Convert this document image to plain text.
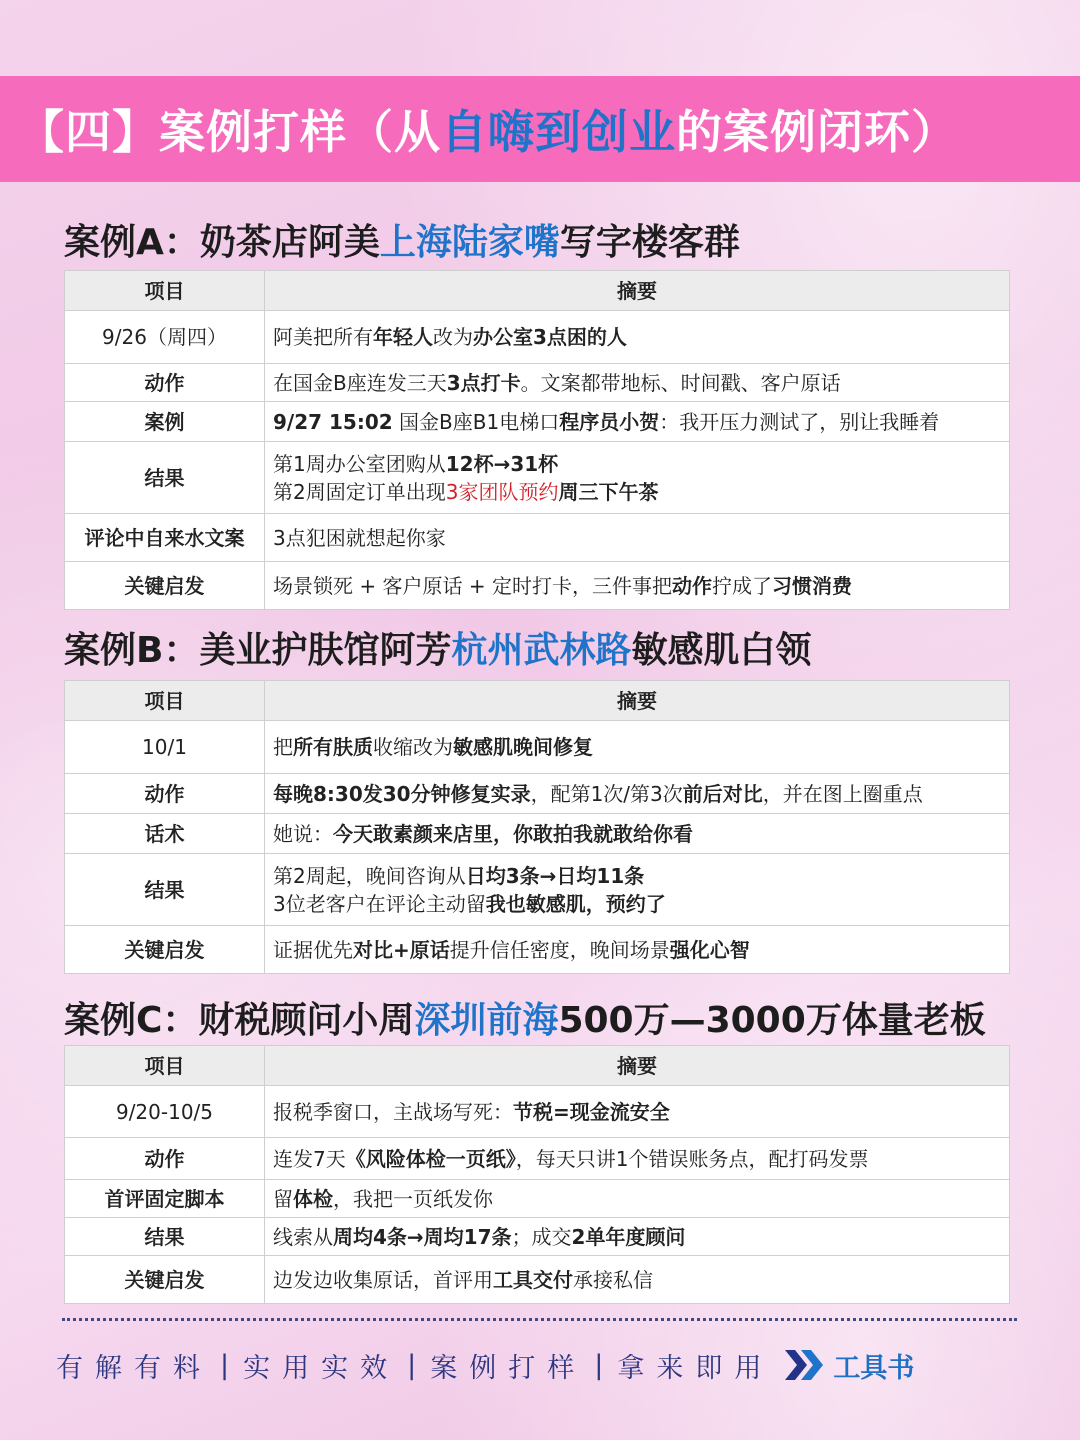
【四】案例打样（从 自嗨到创业 的案例闭环）
案例A：奶茶店阿美上海陆家嘴写字楼客群
项目	摘要
9/26（周四）	阿美把所有年轻人改为办公室3点困的人
动作	在国金B座连发三天3点打卡。文案都带地标、时间戳、客户原话
案例	9/27 15:02 国金B座B1电梯口程序员小贺：我开压力测试了，别让我睡着
结果	第1周办公室团购从12杯→31杯
第2周固定订单出现3家团队预约周三下午茶

评论中自来水文案	3点犯困就想起你家
关键启发	场景锁死 + 客户原话 + 定时打卡，三件事把动作拧成了习惯消费
案例B：美业护肤馆阿芳杭州武林路敏感肌白领
项目	摘要
10/1	把所有肤质收缩改为敏感肌晚间修复
动作	每晚8:30发30分钟修复实录，配第1次/第3次前后对比，并在图上圈重点
话术	她说：今天敢素颜来店里，你敢拍我就敢给你看
结果	第2周起，晚间咨询从日均3条→日均11条
3位老客户在评论主动留我也敏感肌，预约了

关键启发	证据优先对比+原话提升信任密度，晚间场景强化心智
案例C：财税顾问小周深圳前海500万—3000万体量老板
项目	摘要
9/20-10/5	报税季窗口，主战场写死：节税=现金流安全
动作	连发7天《风险体检一页纸》，每天只讲1个错误账务点，配打码发票
首评固定脚本	留体检，我把一页纸发你
结果	线索从周均4条→周均17条；成交2单年度顾问
关键启发	边发边收集原话，首评用工具交付承接私信
有解有料 | 实用实效 | 案例打样 | 拿来即用 工具书
